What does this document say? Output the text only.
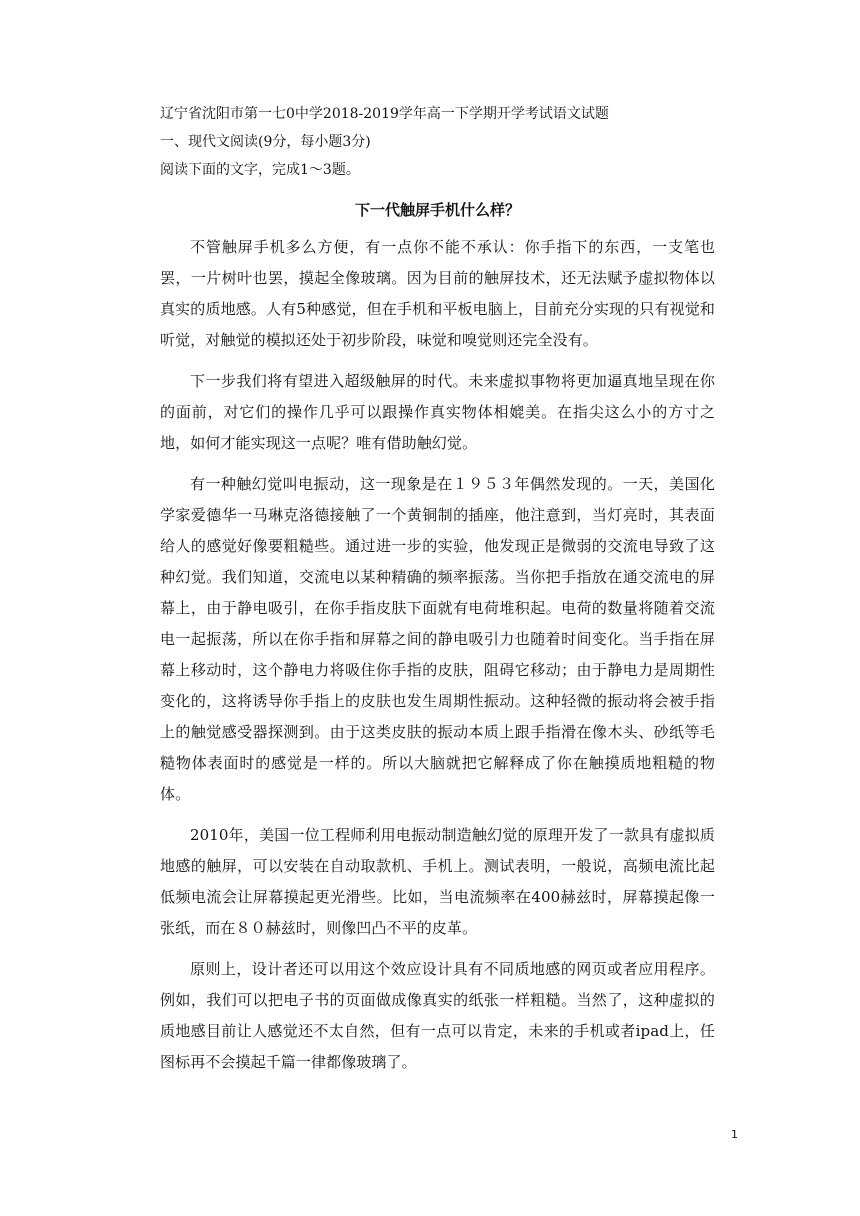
辽宁省沈阳市第一七0中学2018-2019学年高一下学期开学考试语文试题

一、现代文阅读(9分，每小题3分)

阅读下面的文字，完成1～3题。

下一代触屏手机什么样？

不管触屏手机多么方便，有一点你不能不承认：你手指下的东西，一支笔也罢，一片树叶也罢，摸起全像玻璃。因为目前的触屏技术，还无法赋予虚拟物体以真实的质地感。人有5种感觉，但在手机和平板电脑上，目前充分实现的只有视觉和听觉，对触觉的模拟还处于初步阶段，味觉和嗅觉则还完全没有。

下一步我们将有望进入超级触屏的时代。未来虚拟事物将更加逼真地呈现在你的面前，对它们的操作几乎可以跟操作真实物体相媲美。在指尖这么小的方寸之地，如何才能实现这一点呢？唯有借助触幻觉。

有一种触幻觉叫电振动，这一现象是在１９５３年偶然发现的。一天，美国化学家爱德华一马琳克洛德接触了一个黄铜制的插座，他注意到，当灯亮时，其表面给人的感觉好像要粗糙些。通过进一步的实验，他发现正是微弱的交流电导致了这种幻觉。我们知道，交流电以某种精确的频率振荡。当你把手指放在通交流电的屏幕上，由于静电吸引，在你手指皮肤下面就有电荷堆积起。电荷的数量将随着交流电一起振荡，所以在你手指和屏幕之间的静电吸引力也随着时间变化。当手指在屏幕上移动时，这个静电力将吸住你手指的皮肤，阻碍它移动；由于静电力是周期性变化的，这将诱导你手指上的皮肤也发生周期性振动。这种轻微的振动将会被手指上的触觉感受器探测到。由于这类皮肤的振动本质上跟手指滑在像木头、砂纸等毛糙物体表面时的感觉是一样的。所以大脑就把它解释成了你在触摸质地粗糙的物体。

2010年，美国一位工程师利用电振动制造触幻觉的原理开发了一款具有虚拟质地感的触屏，可以安装在自动取款机、手机上。测试表明，一般说，高频电流比起低频电流会让屏幕摸起更光滑些。比如，当电流频率在400赫兹时，屏幕摸起像一张纸，而在８０赫兹时，则像凹凸不平的皮革。

原则上，设计者还可以用这个效应设计具有不同质地感的网页或者应用程序。例如，我们可以把电子书的页面做成像真实的纸张一样粗糙。当然了，这种虚拟的质地感目前让人感觉还不太自然，但有一点可以肯定，未来的手机或者ipad上，任图标再不会摸起千篇一律都像玻璃了。

1
